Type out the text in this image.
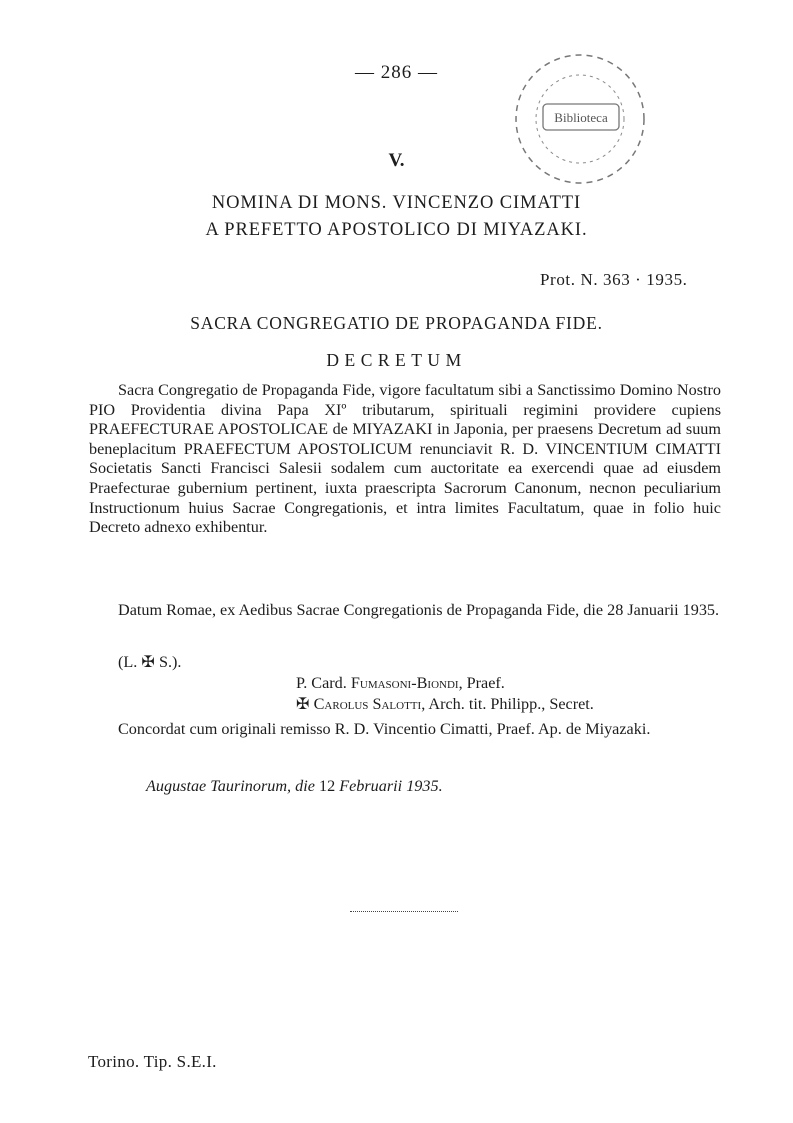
— 286 —
Biblioteca
V.
NOMINA DI MONS. VINCENZO CIMATTI
A PREFETTO APOSTOLICO DI MIYAZAKI.
Prot. N. 363 · 1935.
SACRA CONGREGATIO DE PROPAGANDA FIDE.
DECRETUM
Sacra Congregatio de Propaganda Fide, vigore facultatum sibi a Sanctissimo Domino Nostro PIO Providentia divina Papa XIº tributarum, spirituali regimini providere cupiens PRAEFECTURAE APOSTOLICAE de MIYAZAKI in Japonia, per praesens Decretum ad suum beneplacitum PRAEFECTUM APOSTOLICUM renunciavit R. D. VINCENTIUM CIMATTI Societatis Sancti Francisci Salesii sodalem cum auctoritate ea exercendi quae ad eiusdem Praefecturae gubernium pertinent, iuxta praescripta Sacrorum Canonum, necnon peculiarium Instructionum huius Sacrae Congregationis, et intra limites Facultatum, quae in folio huic Decreto adnexo exhibentur.
Datum Romae, ex Aedibus Sacrae Congregationis de Propaganda Fide, die 28 Januarii 1935.
(L. ✠ S.).
P. Card. Fumasoni-Biondi, Praef.
✠ Carolus Salotti, Arch. tit. Philipp., Secret.
Concordat cum originali remisso R. D. Vincentio Cimatti, Praef. Ap. de Miyazaki.
Augustae Taurinorum, die 12 Februarii 1935.
Torino. Tip. S.E.I.
